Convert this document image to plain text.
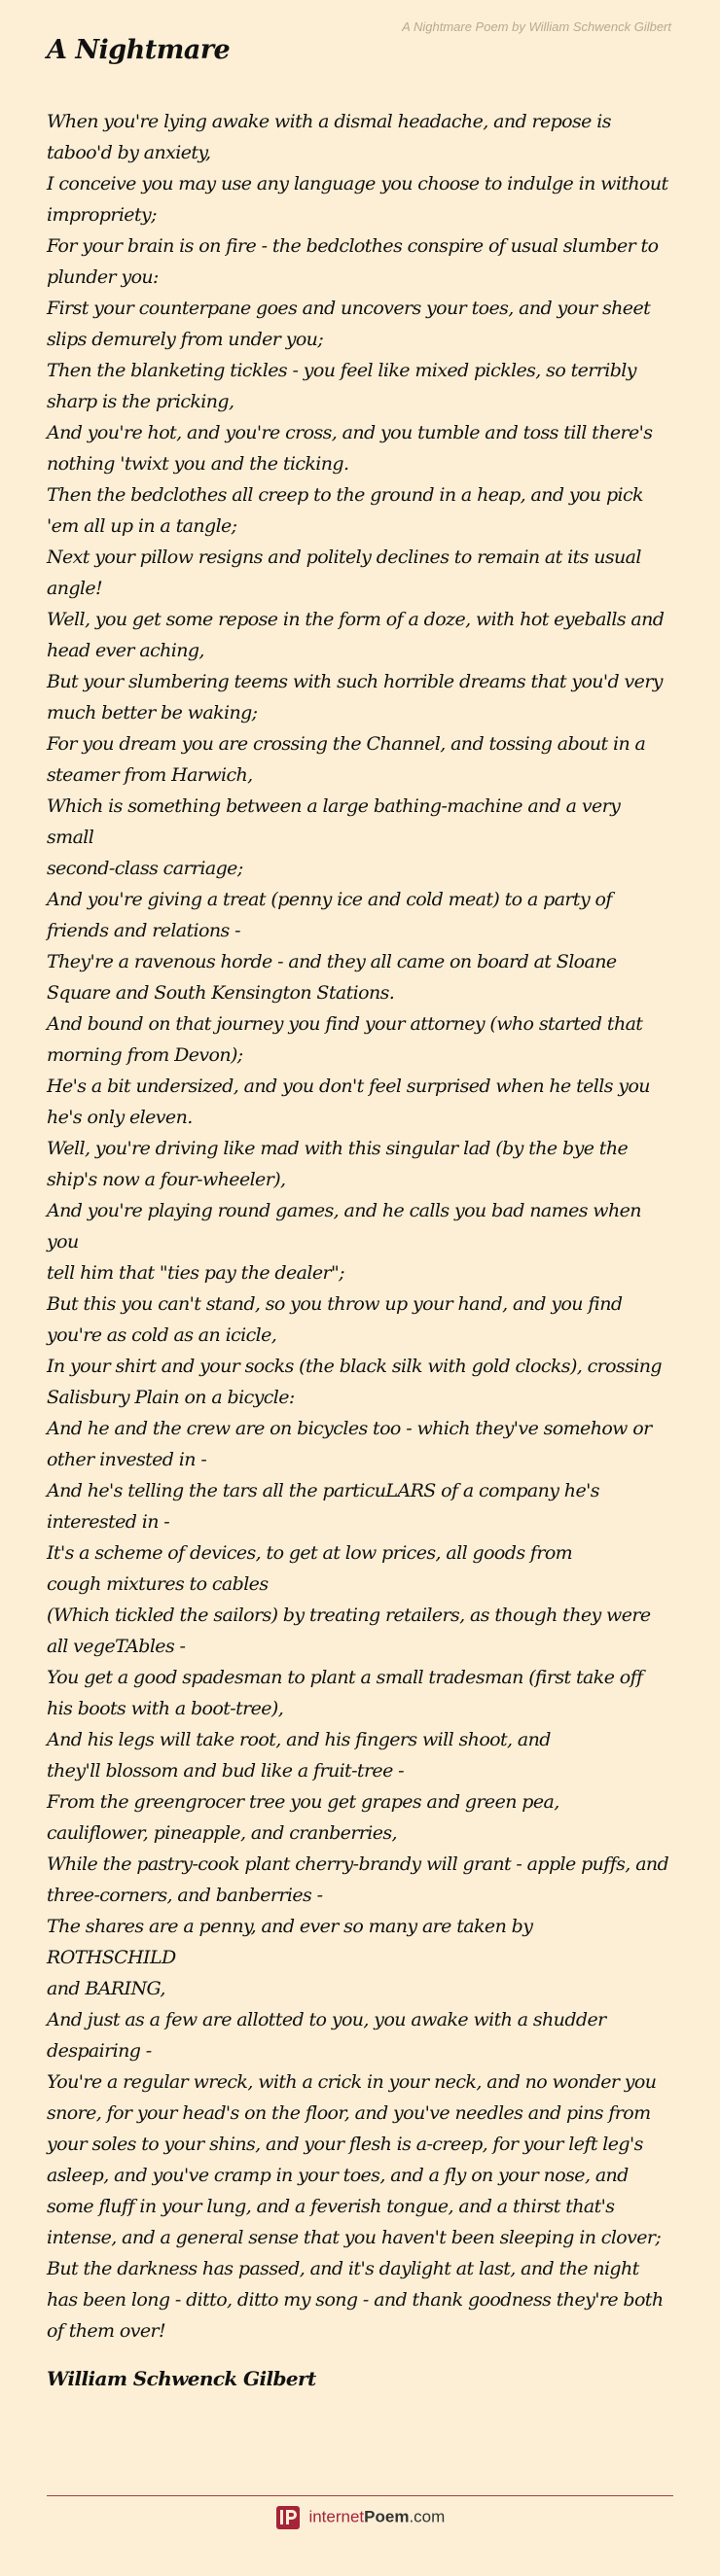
A Nightmare Poem by William Schwenck Gilbert
A Nightmare
When you're lying awake with a dismal headache, and repose is taboo'd by anxiety,
I conceive you may use any language you choose to indulge in without impropriety;
For your brain is on fire - the bedclothes conspire of usual slumber to plunder you:
First your counterpane goes and uncovers your toes, and your sheet slips demurely from under you;
Then the blanketing tickles - you feel like mixed pickles, so terribly sharp is the pricking,
And you're hot, and you're cross, and you tumble and toss till there's nothing 'twixt you and the ticking.
Then the bedclothes all creep to the ground in a heap, and you pick 'em all up in a tangle;
Next your pillow resigns and politely declines to remain at its usual angle!
Well, you get some repose in the form of a doze, with hot eyeballs and head ever aching,
But your slumbering teems with such horrible dreams that you'd very much better be waking;
For you dream you are crossing the Channel, and tossing about in a steamer from Harwich,
Which is something between a large bathing-machine and a very small
second-class carriage;
And you're giving a treat (penny ice and cold meat) to a party of friends and relations -
They're a ravenous horde - and they all came on board at Sloane Square and South Kensington Stations.
And bound on that journey you find your attorney (who started that morning from Devon);
He's a bit undersized, and you don't feel surprised when he tells you he's only eleven.
Well, you're driving like mad with this singular lad (by the bye the ship's now a four-wheeler),
And you're playing round games, and he calls you bad names when you
tell him that "ties pay the dealer";
But this you can't stand, so you throw up your hand, and you find you're as cold as an icicle,
In your shirt and your socks (the black silk with gold clocks), crossing Salisbury Plain on a bicycle:
And he and the crew are on bicycles too - which they've somehow or other invested in -
And he's telling the tars all the particuLARS of a company he's interested in -
It's a scheme of devices, to get at low prices, all goods from
cough mixtures to cables
(Which tickled the sailors) by treating retailers, as though they were all vegeTAbles -
You get a good spadesman to plant a small tradesman (first take off his boots with a boot-tree),
And his legs will take root, and his fingers will shoot, and
they'll blossom and bud like a fruit-tree -
From the greengrocer tree you get grapes and green pea,
cauliflower, pineapple, and cranberries,
While the pastry-cook plant cherry-brandy will grant - apple puffs, and three-corners, and banberries -
The shares are a penny, and ever so many are taken by
ROTHSCHILD
and BARING,
And just as a few are allotted to you, you awake with a shudder despairing -
You're a regular wreck, with a crick in your neck, and no wonder you snore, for your head's on the floor, and you've needles and pins from your soles to your shins, and your flesh is a-creep, for your left leg's asleep, and you've cramp in your toes, and a fly on your nose, and some fluff in your lung, and a feverish tongue, and a thirst that's intense, and a general sense that you haven't been sleeping in clover;
But the darkness has passed, and it's daylight at last, and the night has been long - ditto, ditto my song - and thank goodness they're both of them over!
William Schwenck Gilbert
internetPoem.com
